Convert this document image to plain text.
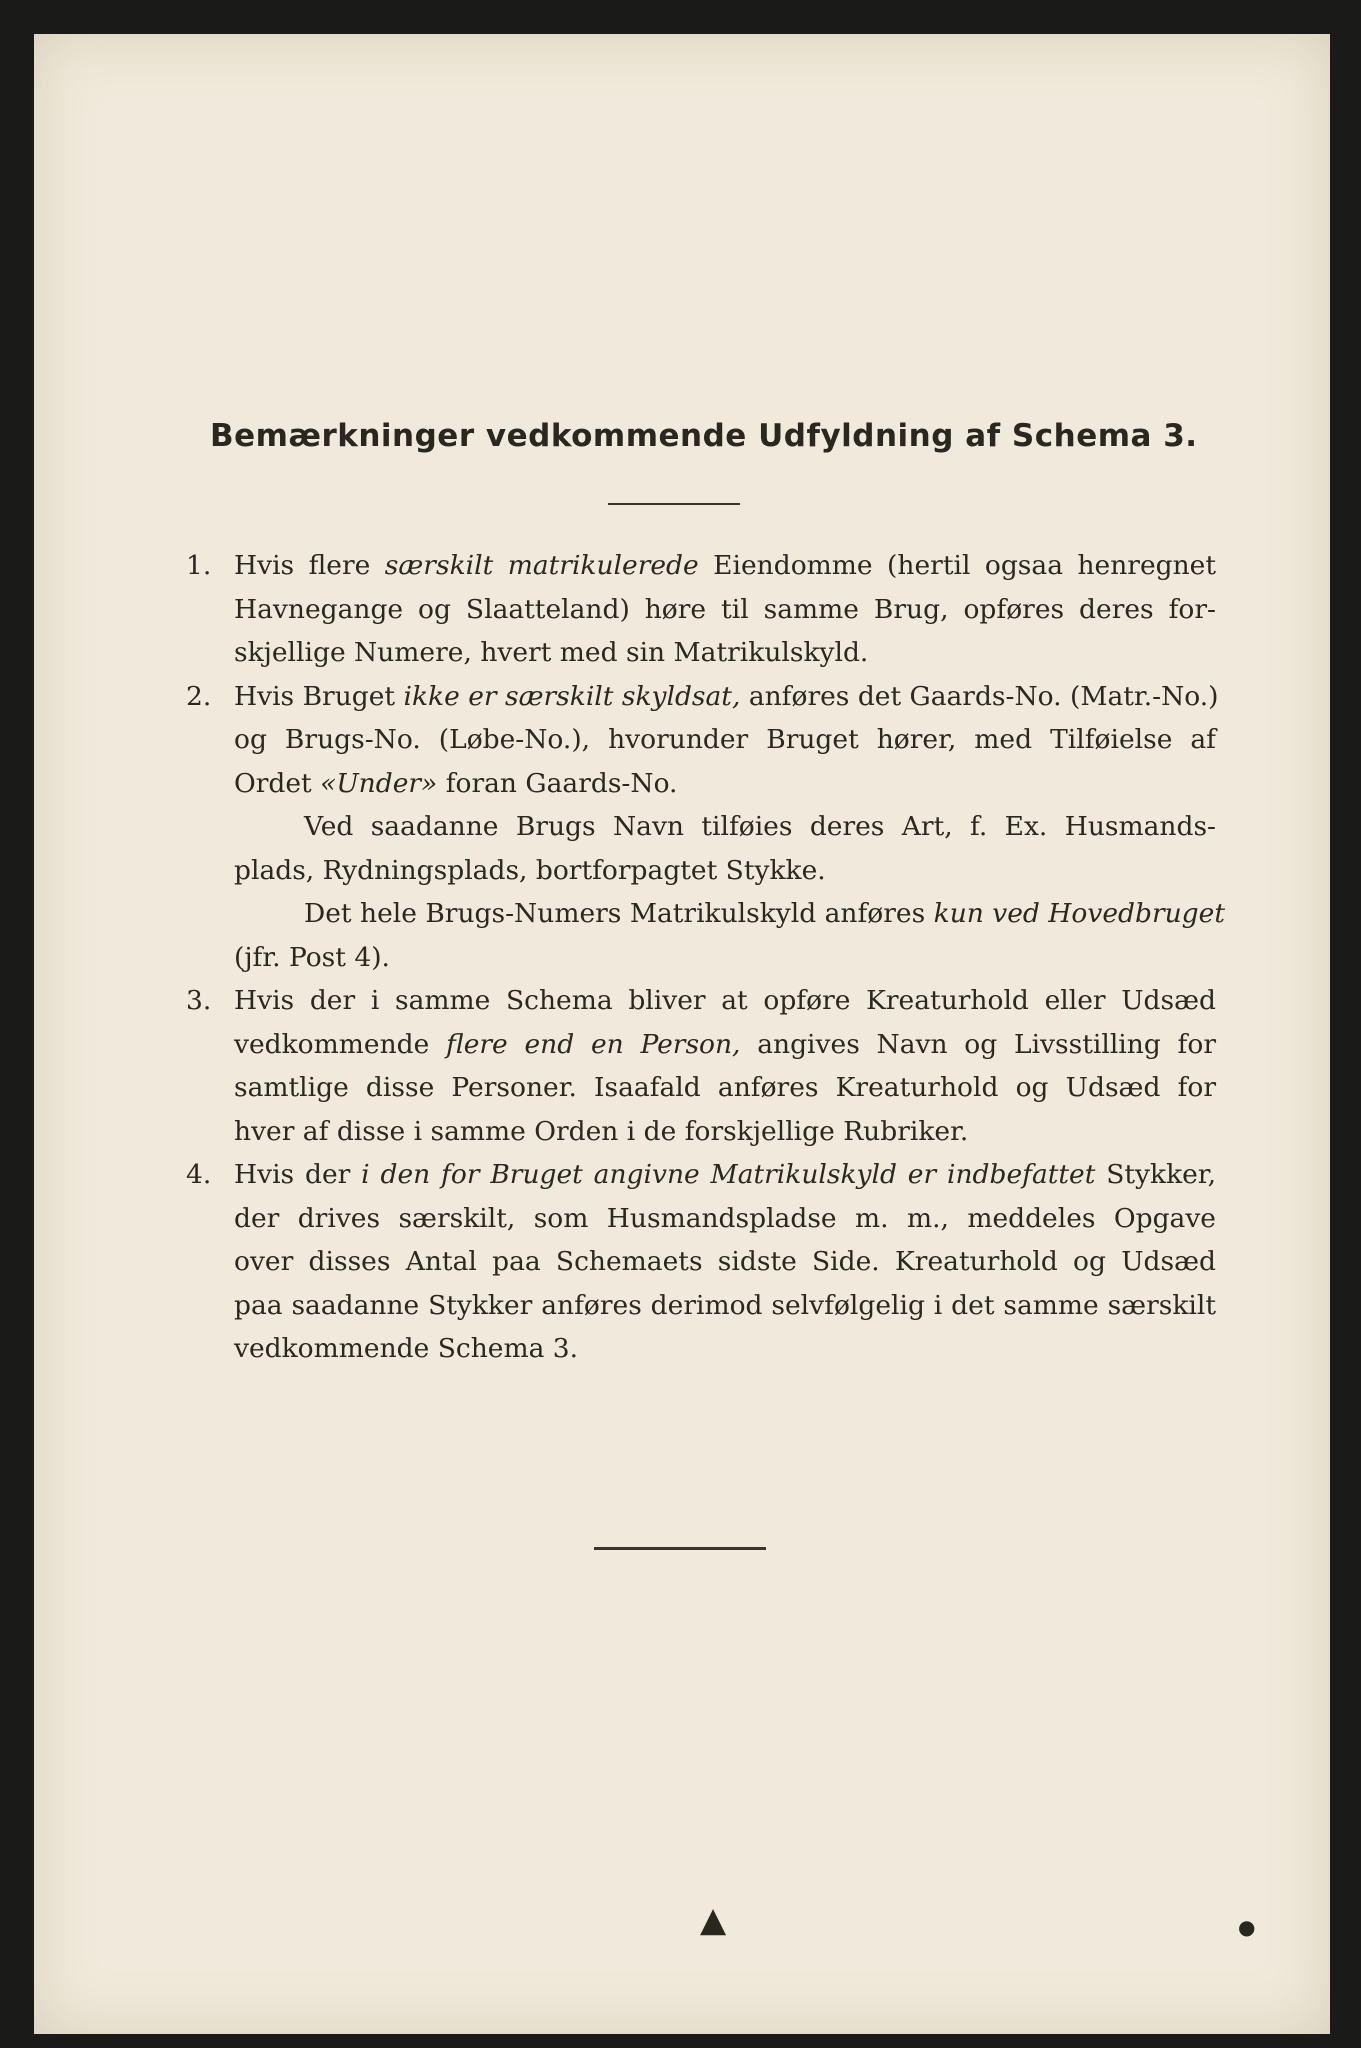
Bemærkninger vedkommende Udfyldning af Schema 3.
1. Hvis flere særskilt matrikulerede Eiendomme (hertil ogsaa henregnet
Havnegange og Slaatteland) høre til samme Brug, opføres deres for-
skjellige Numere, hvert med sin Matrikulskyld.
2. Hvis Bruget ikke er særskilt skyldsat, anføres det Gaards-No. (Matr.-No.)
og Brugs-No. (Løbe-No.), hvorunder Bruget hører, med Tilføielse af
Ordet «Under» foran Gaards-No.
Ved saadanne Brugs Navn tilføies deres Art, f. Ex. Husmands-
plads, Rydningsplads, bortforpagtet Stykke.
Det hele Brugs-Numers Matrikulskyld anføres kun ved Hovedbruget
(jfr. Post 4).
3. Hvis der i samme Schema bliver at opføre Kreaturhold eller Udsæd
vedkommende flere end en Person, angives Navn og Livsstilling for
samtlige disse Personer. Isaafald anføres Kreaturhold og Udsæd for
hver af disse i samme Orden i de forskjellige Rubriker.
4. Hvis der i den for Bruget angivne Matrikulskyld er indbefattet Stykker,
der drives særskilt, som Husmandspladse m. m., meddeles Opgave
over disses Antal paa Schemaets sidste Side. Kreaturhold og Udsæd
paa saadanne Stykker anføres derimod selvfølgelig i det samme særskilt
vedkommende Schema 3.
▲	●
